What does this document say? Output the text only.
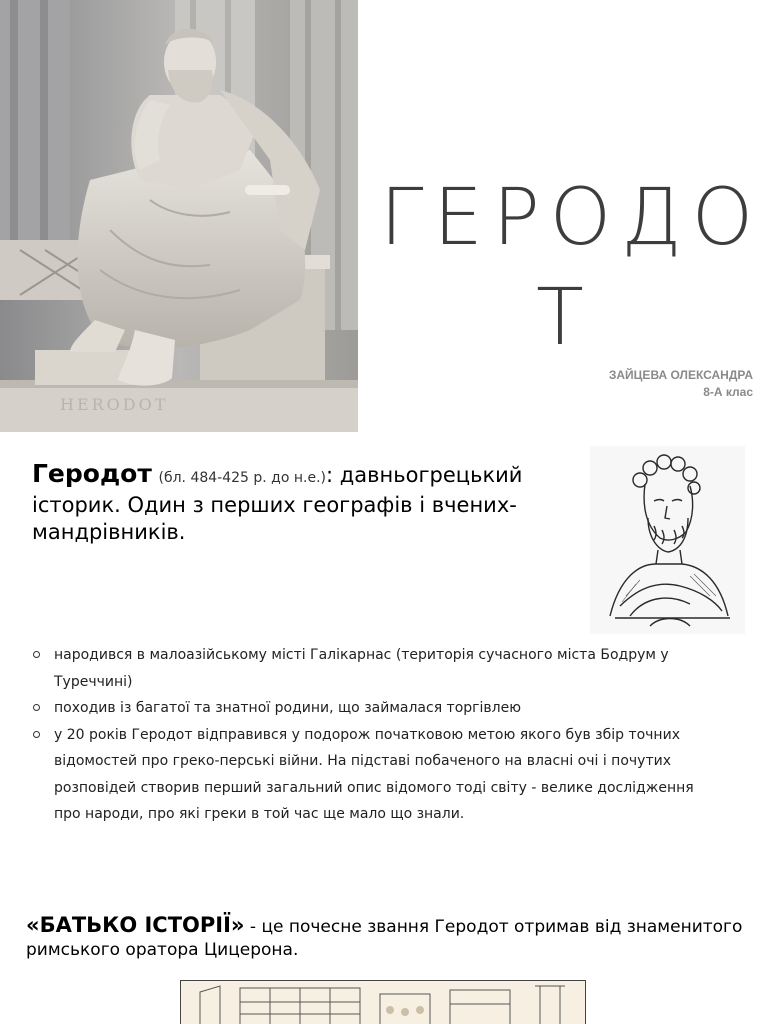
HERODOT
ГЕРОДО
Т
ЗАЙЦЕВА ОЛЕКСАНДРА
8-А клас
Геродот (бл. 484-425 р. до н.е.): давньогрецький історик. Один з перших географів і вчених-мандрівників.
народився в малоазійському місті Галікарнас (територія сучасного міста Бодрум у Туреччині)
походив із багатої та знатної родини, що займалася торгівлею
у 20 років Геродот відправився у подорож початковою метою якого був збір точних відомостей про греко-перські війни. На підставі побаченого на власні очі і почутих розповідей створив перший загальний опис відомого тоді світу - велике дослідження про народи, про які греки в той час ще мало що знали.
«БАТЬКО ІСТОРІЇ» - це почесне звання Геродот отримав від знаменитого римського оратора Цицерона.
